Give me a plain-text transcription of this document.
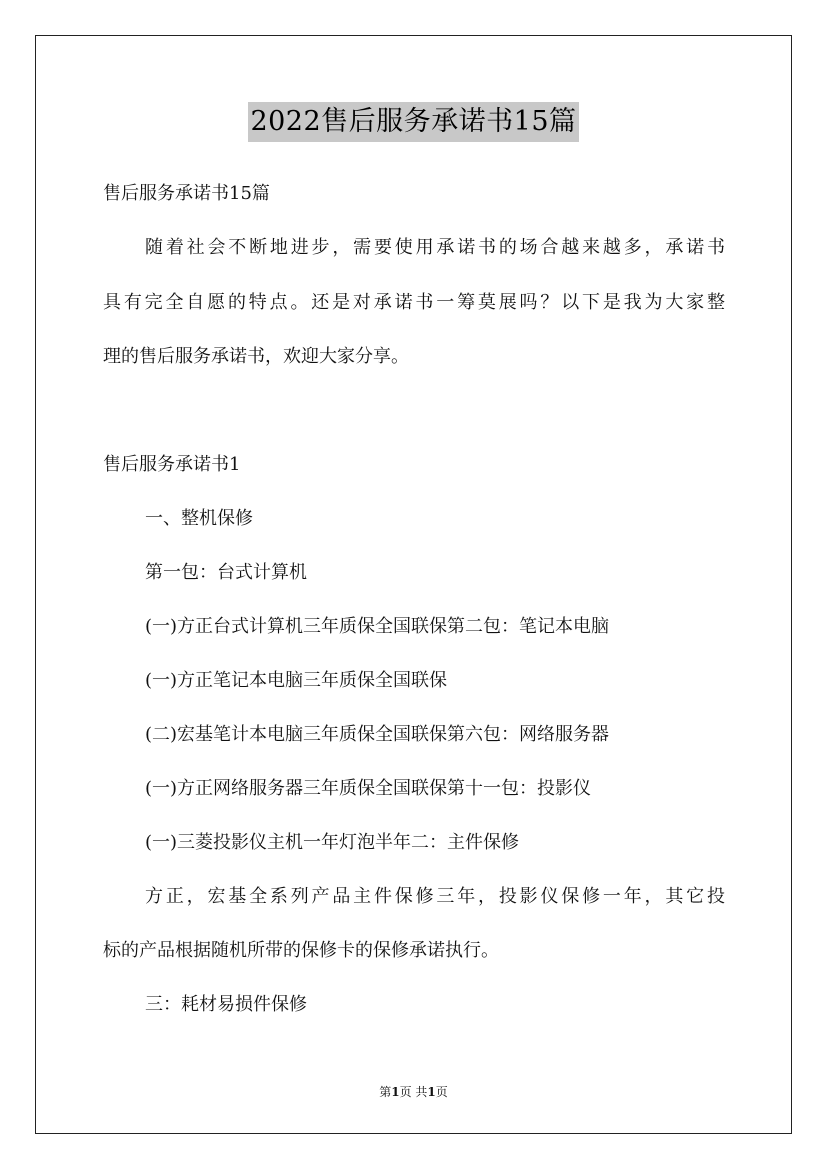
2022售后服务承诺书15篇
售后服务承诺书15篇
随着社会不断地进步，需要使用承诺书的场合越来越多，承诺书
具有完全自愿的特点。还是对承诺书一筹莫展吗？以下是我为大家整
理的售后服务承诺书，欢迎大家分享。
售后服务承诺书1
一、整机保修
第一包：台式计算机
(一)方正台式计算机三年质保全国联保第二包：笔记本电脑
(一)方正笔记本电脑三年质保全国联保
(二)宏基笔计本电脑三年质保全国联保第六包：网络服务器
(一)方正网络服务器三年质保全国联保第十一包：投影仪
(一)三菱投影仪主机一年灯泡半年二：主件保修
方正，宏基全系列产品主件保修三年，投影仪保修一年，其它投
标的产品根据随机所带的保修卡的保修承诺执行。
三：耗材易损件保修
第1页 共1页
